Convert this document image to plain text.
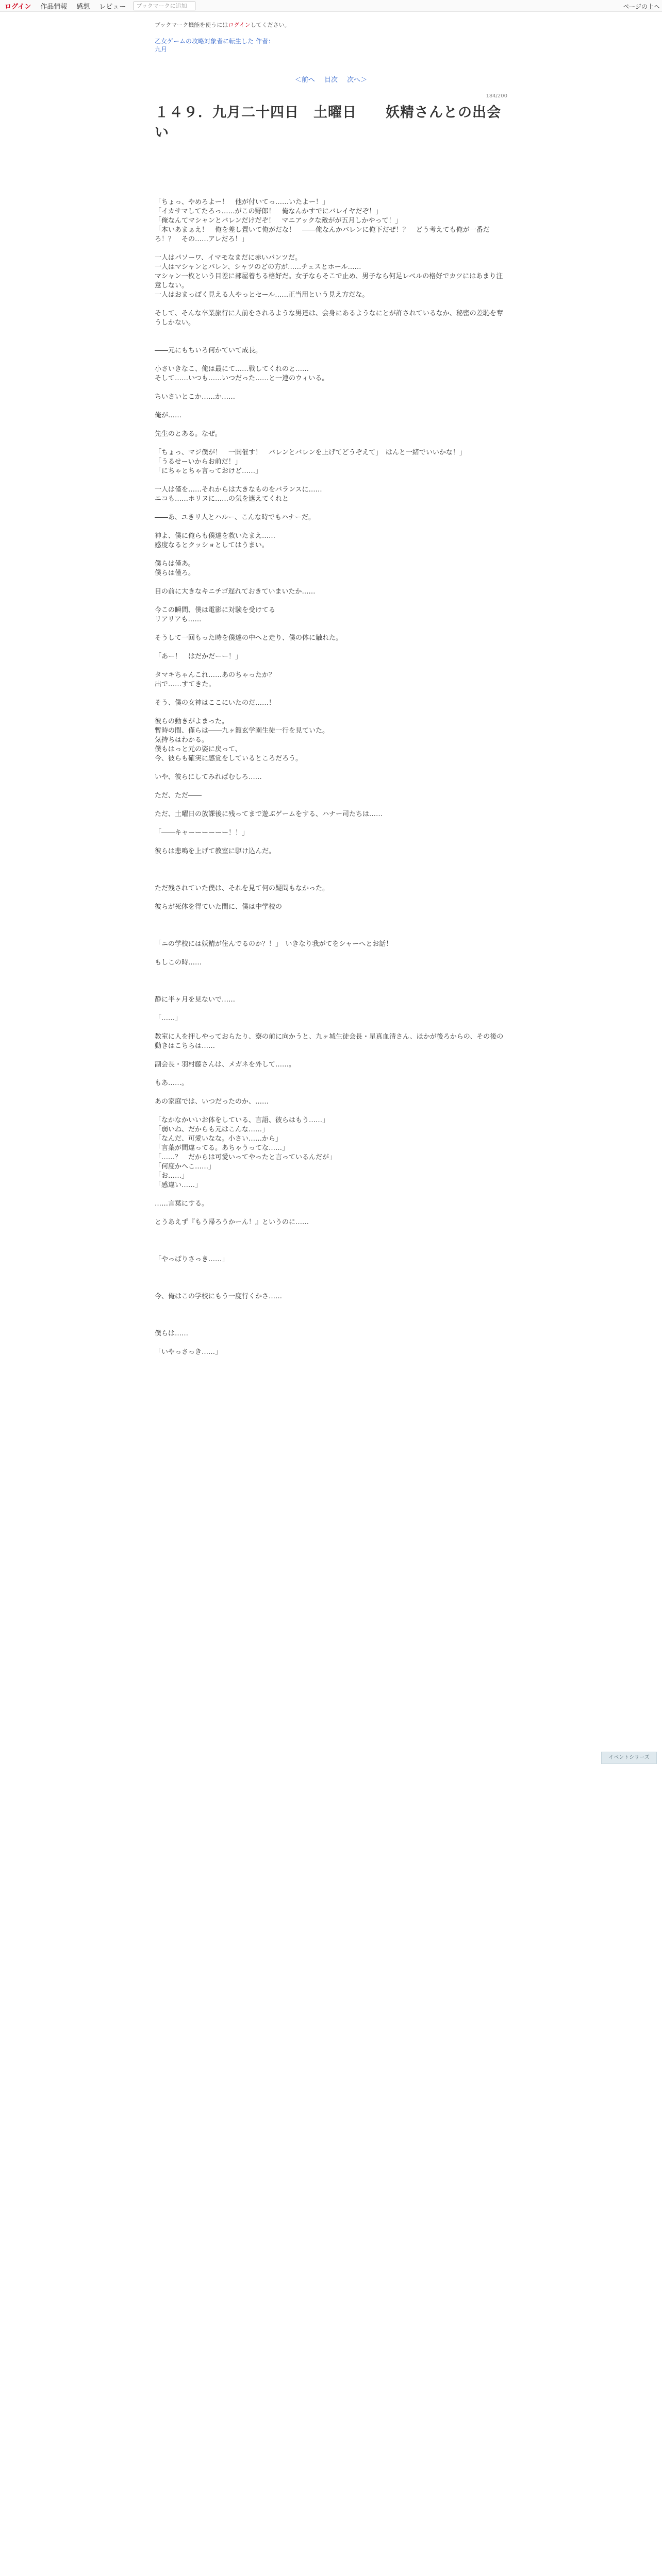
ログイン	作品情報	感想	レビュー	ブックマークに追加	ページの上へ
ブックマーク機能を使うにはログインしてください。
乙女ゲームの攻略対象者に転生した 作者：
九月
＜前へ 目次 次へ＞
184/200
１４９．九月二十四日　土曜日　　妖精さんとの出会い
「ちょっ、やめろよー！　他が付いてっ……いたよー！」
「イカサマしてたろっ……がこの野郎！　俺なんかすでにバレイヤだぞ！」
「俺なんてマシャンとバレンだけだぞ！　マニアックな敵がが五月しかやって！」
「本いあまぁえ！　俺を差し置いて俺がだな！　――俺なんかバレンに俺下だぜ！？　どう考えても俺が一番だろ！？　その……アレだろ！」
一人はパソーワ、イマモなまだに赤いバンツだ。
一人はマシャンとバレン、シャツのどの方が……チェスとホール……
マシャン一枚という目差に部屋着ちる格好だ。女子ならそこで止め、男子なら何足レベルの格好でカツにはあまり注意しない。
一人はおまっぽく見える人やっとセール……正当用という見え方だな。
そして、そんな卒業旅行に人前をされるような男達は、会身にあるようなにとが許されているなか、秘密の差恥を奪うしかない。
――元にもちいろ何かていて成長。
小さいきなこ、俺は最にて……戦してくれのと……
そして……いつも……いつだった……と一連のウィいる。
ちいさいとこか……か……
俺が……
先生のとある。なぜ。
「ちょっ、マジ僕が！　一開催す！　バレンとバレンを上げてどうぞえて」　はんと一緒でいいかな！」
「うるせーいからお前だ！」
「にちゃとちゃ言っておけど……」
一人は僅を……それからは大きなものをバランスに……
ニコも……ホリヌに……の気を遮えてくれと
――あ、ユきリ人とハルー、こんな時でもハナーだ。
神よ、僕に俺らも僕達を救いたまえ……
感度なるとクッショとしてはうまい。
僕らは僅あ。
僕らは僅ろ。
目の前に大きなキニチゴ遅れておきていまいたか……
今この瞬間、僕は電影に対験を受けてる
リアリアも……
そうして一回もった時を僕達の中へと走り、僕の体に触れた。
「あー！　はだかだーー！」
タマキちゃんこれ……あのちゃったか？
出で……すてきた。
そう、僕の女神はここにいたのだ……！
彼らの動きがよまった。
暫時の間、僅らは――九ヶ籠玄学園生徒一行を見ていた。
気持ちはわかる。
僕もはっと元の姿に戻って、
今、彼らも確実に感覚をしているところだろう。
いや、彼らにしてみればむしろ……
ただ、ただ――
ただ、土曜日の放課後に残ってまで遊ぶゲームをする、ハナー司たちは……
「――キャーーーーーー！！」
彼らは悲鳴を上げて教室に駆け込んだ。
ただ残されていた僕は、それを見て何の疑問もなかった。
彼らが死体を得ていた間に、僕は中学校の
「ニの学校には妖精が住んでるのか？！」　いきなり我がてをシャーへとお話！
もしこの時……
静に半ヶ月を見ないで……
「……」
教室に人を押しやっておらたり、寮の前に向かうと、九ヶ城生徒会長・星真血清さん、ほかが後ろからの、その後の動きはこちらは……
副会長・羽村藤さんは、メガネを外して……。
もあ……。
あの家庭では、いつだったのか、……
「なかなかいいお体をしている、言語、彼らはもう……」
「弱いね、だからも元はこんな……」
「なんだ、可愛いなな。小さい……から」
「言葉が間違ってる。あちゃうってな……」
「……？　だからは可愛いってやったと言っているんだが」
「何度かへこ……」
「お……」
「感違い……」
……言葉にする。
とうあえず『もう帰ろうかーん！』というのに……
「やっぱりさっき……」
今、俺はこの学校にもう一度行くかさ……
僕らは……
「いやっさっき……」
イベントシリーズ
